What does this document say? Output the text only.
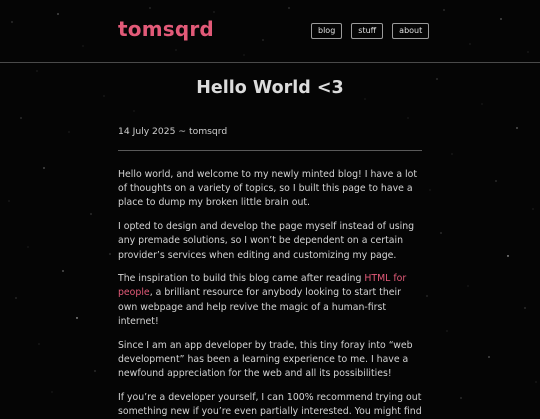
tomsqrd	blog	stuff	about
Hello World <3
14 July 2025 ~ tomsqrd

Hello world, and welcome to my newly minted blog! I have a lot of thoughts on a variety of topics, so I built this page to have a place to dump my broken little brain out.

I opted to design and develop the page myself instead of using any premade solutions, so I won’t be dependent on a certain provider’s services when editing and customizing my page.

The inspiration to build this blog came after reading HTML for people, a brilliant resource for anybody looking to start their own webpage and help revive the magic of a human-first internet!

Since I am an app developer by trade, this tiny foray into “web development” has been a learning experience to me. I have a newfound appreciation for the web and all its possibilities!

If you’re a developer yourself, I can 100% recommend trying out something new if you’re even partially interested. You might find
